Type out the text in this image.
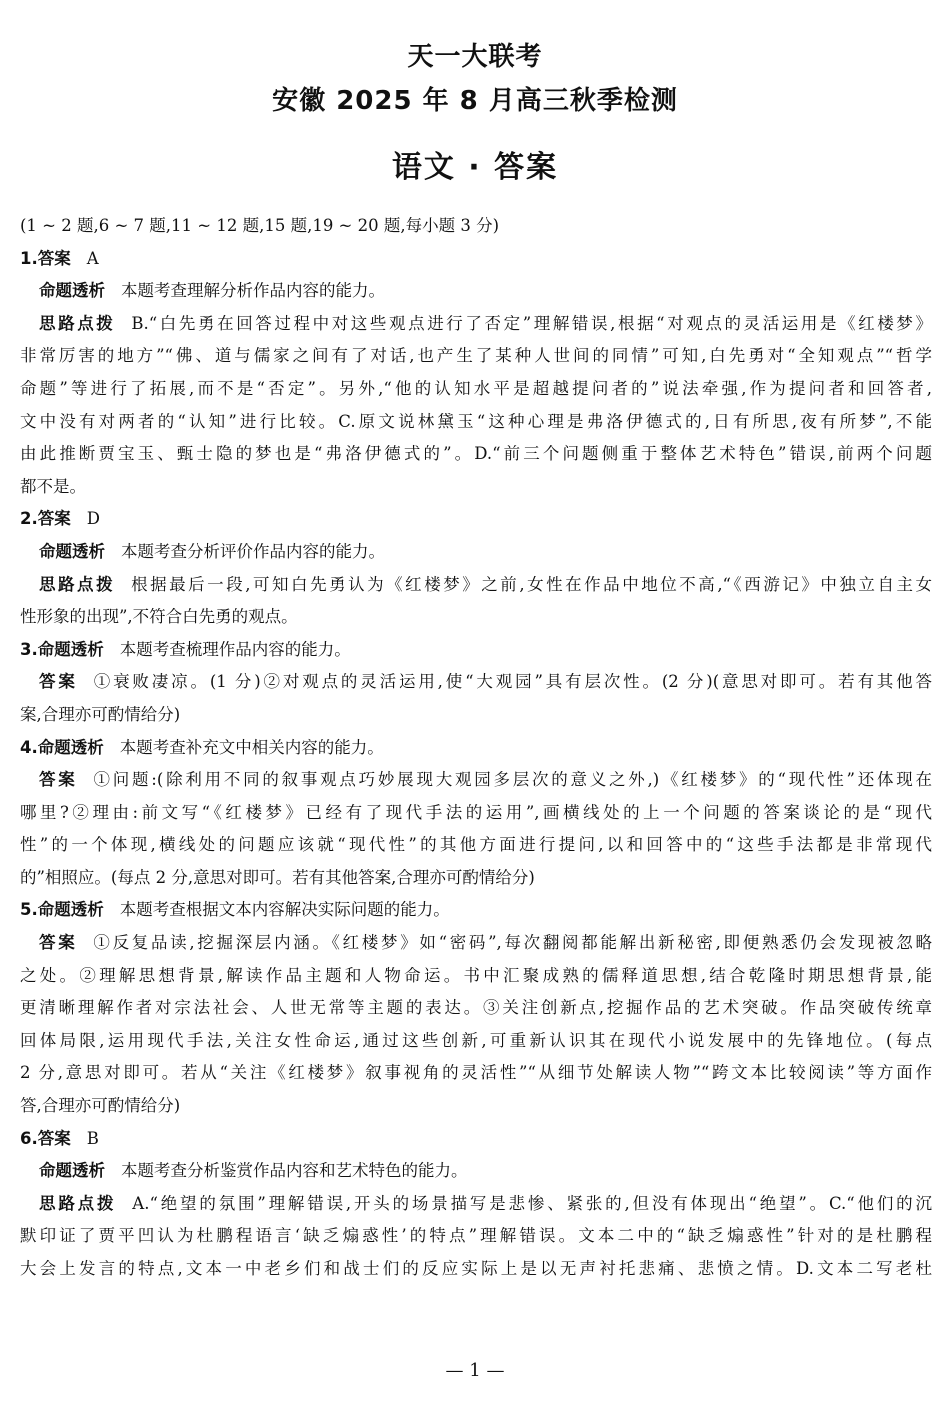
天一大联考
安徽 2025 年 8 月高三秋季检测
语文 · 答案
(1 ~ 2 题,6 ~ 7 题,11 ~ 12 题,15 题,19 ~ 20 题,每小题 3 分)
1.答案 A
命题透析 本题考查理解分析作品内容的能力。
思路点拨 B.“白先勇在回答过程中对这些观点进行了否定”理解错误,根据“对观点的灵活运用是《红楼梦》
非常厉害的地方”“佛、道与儒家之间有了对话,也产生了某种人世间的同情”可知,白先勇对“全知观点”“哲学
命题”等进行了拓展,而不是“否定”。另外,“他的认知水平是超越提问者的”说法牵强,作为提问者和回答者,
文中没有对两者的“认知”进行比较。C.原文说林黛玉“这种心理是弗洛伊德式的,日有所思,夜有所梦”,不能
由此推断贾宝玉、甄士隐的梦也是“弗洛伊德式的”。D.“前三个问题侧重于整体艺术特色”错误,前两个问题
都不是。
2.答案 D
命题透析 本题考查分析评价作品内容的能力。
思路点拨 根据最后一段,可知白先勇认为《红楼梦》之前,女性在作品中地位不高,“《西游记》中独立自主女
性形象的出现”,不符合白先勇的观点。
3.命题透析 本题考查梳理作品内容的能力。
答案 ①衰败凄凉。(1 分)②对观点的灵活运用,使“大观园”具有层次性。(2 分)(意思对即可。若有其他答
案,合理亦可酌情给分)
4.命题透析 本题考查补充文中相关内容的能力。
答案 ①问题:(除利用不同的叙事观点巧妙展现大观园多层次的意义之外,)《红楼梦》的“现代性”还体现在
哪里?②理由:前文写“《红楼梦》已经有了现代手法的运用”,画横线处的上一个问题的答案谈论的是“现代
性”的一个体现,横线处的问题应该就“现代性”的其他方面进行提问,以和回答中的“这些手法都是非常现代
的”相照应。(每点 2 分,意思对即可。若有其他答案,合理亦可酌情给分)
5.命题透析 本题考查根据文本内容解决实际问题的能力。
答案 ①反复品读,挖掘深层内涵。《红楼梦》如“密码”,每次翻阅都能解出新秘密,即便熟悉仍会发现被忽略
之处。②理解思想背景,解读作品主题和人物命运。书中汇聚成熟的儒释道思想,结合乾隆时期思想背景,能
更清晰理解作者对宗法社会、人世无常等主题的表达。③关注创新点,挖掘作品的艺术突破。作品突破传统章
回体局限,运用现代手法,关注女性命运,通过这些创新,可重新认识其在现代小说发展中的先锋地位。(每点
2 分,意思对即可。若从“关注《红楼梦》叙事视角的灵活性”“从细节处解读人物”“跨文本比较阅读”等方面作
答,合理亦可酌情给分)
6.答案 B
命题透析 本题考查分析鉴赏作品内容和艺术特色的能力。
思路点拨 A.“绝望的氛围”理解错误,开头的场景描写是悲惨、紧张的,但没有体现出“绝望”。C.“他们的沉
默印证了贾平凹认为杜鹏程语言‘缺乏煽惑性’的特点”理解错误。文本二中的“缺乏煽惑性”针对的是杜鹏程
大会上发言的特点,文本一中老乡们和战士们的反应实际上是以无声衬托悲痛、悲愤之情。D.文本二写老杜
— 1 —
